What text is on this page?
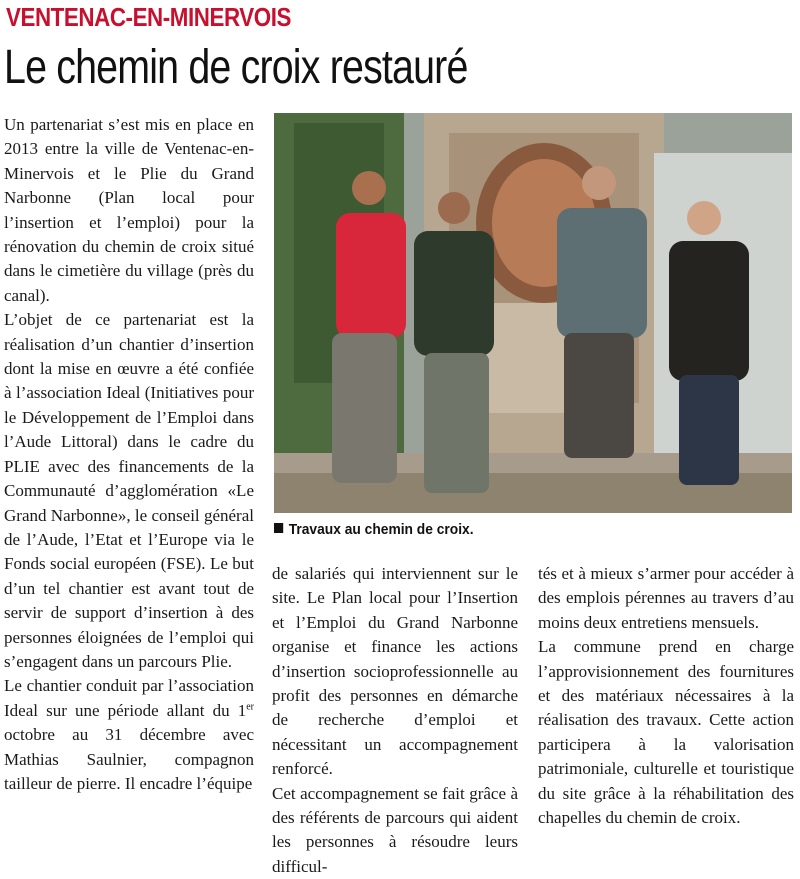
VENTENAC-EN-MINERVOIS
Le chemin de croix restauré

Un partenariat s’est mis en place en 2013 entre la ville de Ventenac-en-Minervois et le Plie du Grand Narbonne (Plan local pour l’insertion et l’emploi) pour la rénovation du chemin de croix situé dans le cimetière du village (près du canal).

L’objet de ce partenariat est la réalisation d’un chantier d’insertion dont la mise en œuvre a été confiée à l’association Ideal (Initiatives pour le Développement de l’Emploi dans l’Aude Littoral) dans le cadre du PLIE avec des financements de la Communauté d’agglomération «Le Grand Narbonne», le conseil général de l’Aude, l’Etat et l’Europe via le Fonds social européen (FSE). Le but d’un tel chantier est avant tout de servir de support d’insertion à des personnes éloignées de l’emploi qui s’engagent dans un parcours Plie.

Le chantier conduit par l’association Ideal sur une période allant du 1er octobre au 31 décembre avec Mathias Saulnier, compagnon tailleur de pierre. Il encadre l’équipe

Travaux au chemin de croix.

de salariés qui interviennent sur le site. Le Plan local pour l’Insertion et l’Emploi du Grand Narbonne organise et finance les actions d’insertion socioprofessionnelle au profit des personnes en démarche de recherche d’emploi et nécessitant un accompagnement renforcé.

Cet accompagnement se fait grâce à des référents de parcours qui aident les personnes à résoudre leurs difficul-

tés et à mieux s’armer pour accéder à des emplois pérennes au travers d’au moins deux entretiens mensuels.

La commune prend en charge l’approvisionnement des fournitures et des matériaux nécessaires à la réalisation des travaux. Cette action participera à la valorisation patrimoniale, culturelle et touristique du site grâce à la réhabilitation des chapelles du chemin de croix.
